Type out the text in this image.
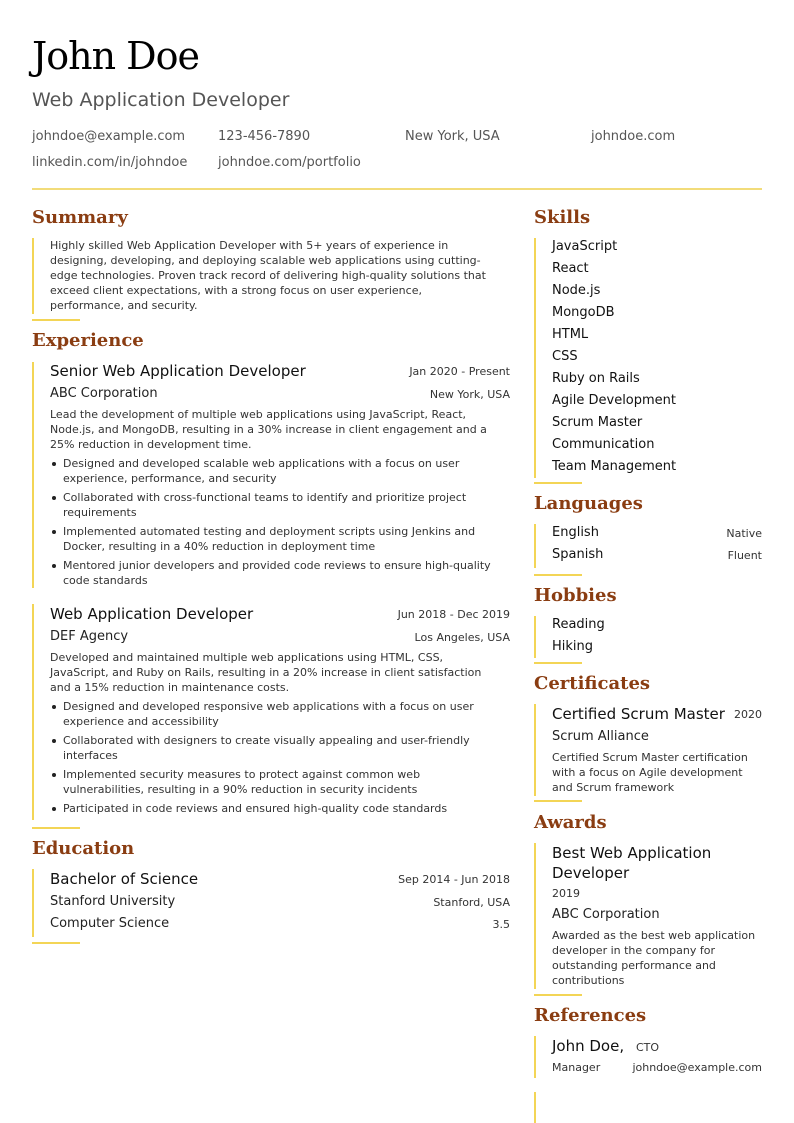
John Doe
Web Application Developer
johndoe@example.com	123-456-7890	New York, USA	johndoe.com
linkedin.com/in/johndoe johndoe.com/portfolio
Summary
Highly skilled Web Application Developer with 5+ years of experience in
designing, developing, and deploying scalable web applications using cutting-
edge technologies. Proven track record of delivering high-quality solutions that
exceed client expectations, with a strong focus on user experience,
performance, and security.
Experience
Senior Web Application Developer	Jan 2020 - Present
ABC Corporation	New York, USA
Lead the development of multiple web applications using JavaScript, React,
Node.js, and MongoDB, resulting in a 30% increase in client engagement and a
25% reduction in development time.
Designed and developed scalable web applications with a focus on user
experience, performance, and security
Collaborated with cross-functional teams to identify and prioritize project
requirements
Implemented automated testing and deployment scripts using Jenkins and
Docker, resulting in a 40% reduction in deployment time
Mentored junior developers and provided code reviews to ensure high-quality
code standards
Web Application Developer	Jun 2018 - Dec 2019
DEF Agency	Los Angeles, USA
Developed and maintained multiple web applications using HTML, CSS,
JavaScript, and Ruby on Rails, resulting in a 20% increase in client satisfaction
and a 15% reduction in maintenance costs.
Designed and developed responsive web applications with a focus on user
experience and accessibility
Collaborated with designers to create visually appealing and user-friendly
interfaces
Implemented security measures to protect against common web
vulnerabilities, resulting in a 90% reduction in security incidents
Participated in code reviews and ensured high-quality code standards
Education
Bachelor of Science	Sep 2014 - Jun 2018
Stanford University	Stanford, USA
Computer Science	3.5
Skills
JavaScript
React
Node.js
MongoDB
HTML
CSS
Ruby on Rails
Agile Development
Scrum Master
Communication
Team Management
Languages
English	Native
Spanish	Fluent
Hobbies
Reading
Hiking
Certificates
Certified Scrum Master 2020
Scrum Alliance
Certified Scrum Master certification
with a focus on Agile development
and Scrum framework
Awards
Best Web Application
Developer
2019
ABC Corporation
Awarded as the best web application
developer in the company for
outstanding performance and
contributions
References
John Doe, CTO
Manager	johndoe@example.com
